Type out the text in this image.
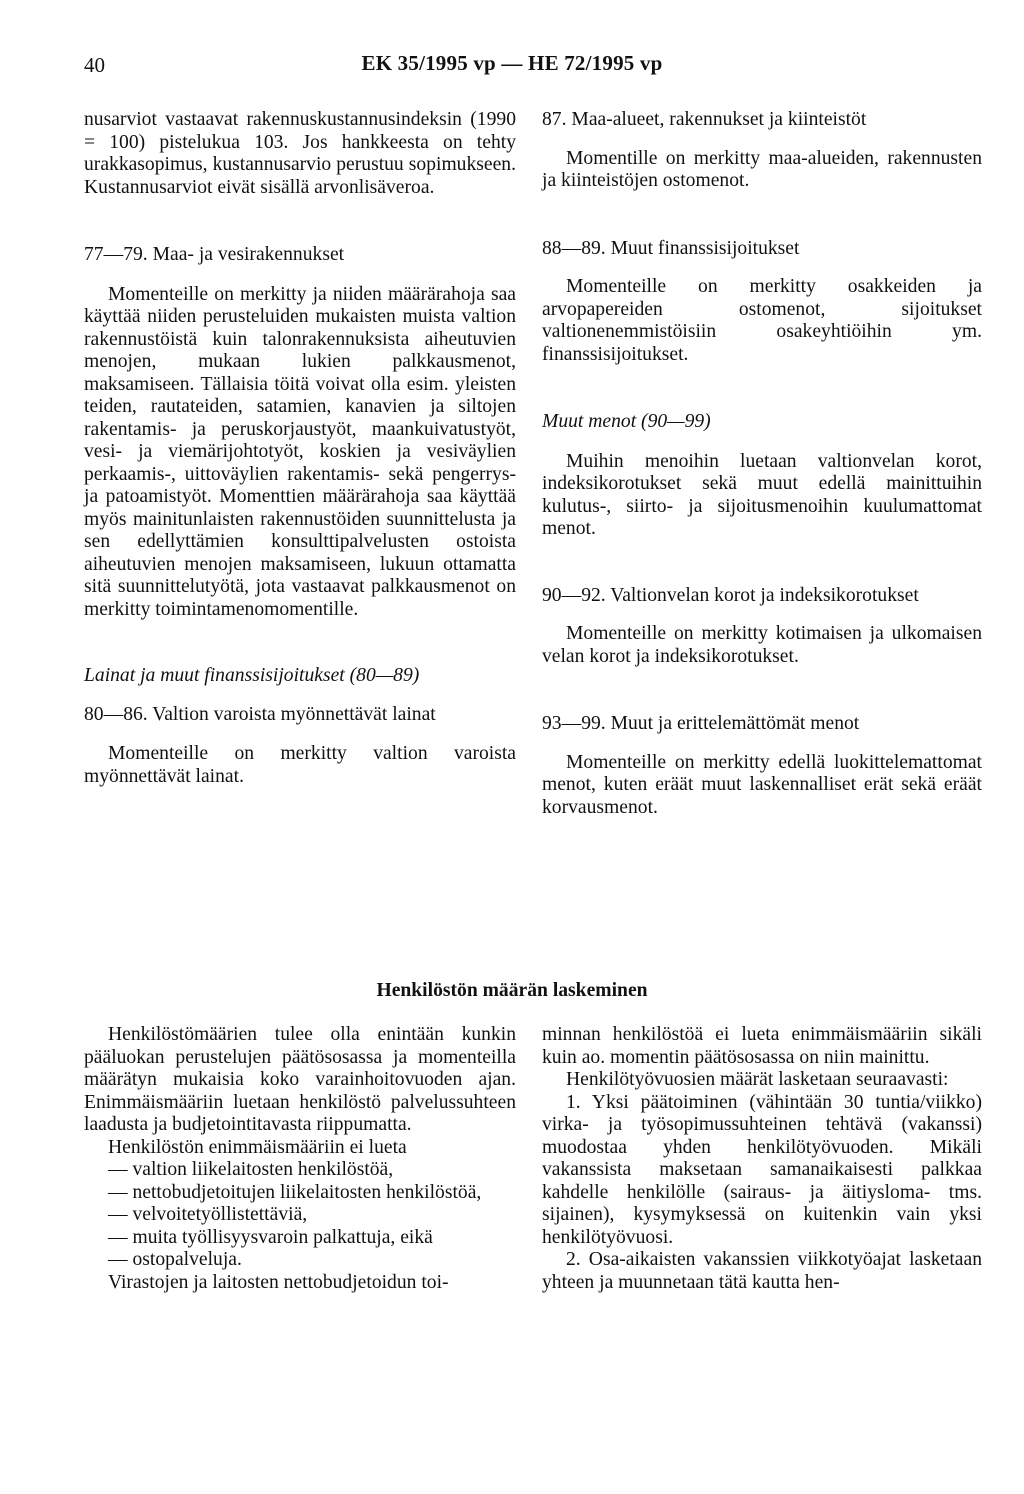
40	EK 35/1995 vp — HE 72/1995 vp

nusarviot vastaavat rakennuskustannusindeksin (1990 = 100) pistelukua 103. Jos hankkeesta on tehty urakkasopimus, kustannusarvio perustuu sopimukseen. Kustannusarviot eivät sisällä arvonlisäveroa.

77—79. Maa- ja vesirakennukset

Momenteille on merkitty ja niiden määrärahoja saa käyttää niiden perusteluiden mukaisten muista valtion rakennustöistä kuin talonrakennuksista aiheutuvien menojen, mukaan lukien palkkausmenot, maksamiseen. Tällaisia töitä voivat olla esim. yleisten teiden, rautateiden, satamien, kanavien ja siltojen rakentamis- ja peruskorjaustyöt, maankuivatustyöt, vesi- ja viemärijohtotyöt, koskien ja vesiväylien perkaamis-, uittoväylien rakentamis- sekä pengerrys- ja patoamistyöt. Momenttien määrärahoja saa käyttää myös mainitunlaisten rakennustöiden suunnittelusta ja sen edellyttämien konsulttipalvelusten ostoista aiheutuvien menojen maksamiseen, lukuun ottamatta sitä suunnittelutyötä, jota vastaavat palkkausmenot on merkitty toimintamenomomentille.

Lainat ja muut finanssisijoitukset (80—89)

80—86. Valtion varoista myönnettävät lainat

Momenteille on merkitty valtion varoista myönnettävät lainat.

87. Maa-alueet, rakennukset ja kiinteistöt

Momentille on merkitty maa-alueiden, rakennusten ja kiinteistöjen ostomenot.

88—89. Muut finanssisijoitukset

Momenteille on merkitty osakkeiden ja arvopapereiden ostomenot, sijoitukset valtionenemmistöisiin osakeyhtiöihin ym. finanssisijoitukset.

Muut menot (90—99)

Muihin menoihin luetaan valtionvelan korot, indeksikorotukset sekä muut edellä mainittuihin kulutus-, siirto- ja sijoitusmenoihin kuulumattomat menot.

90—92. Valtionvelan korot ja indeksikorotukset

Momenteille on merkitty kotimaisen ja ulkomaisen velan korot ja indeksikorotukset.

93—99. Muut ja erittelemättömät menot

Momenteille on merkitty edellä luokittelemattomat menot, kuten eräät muut laskennalliset erät sekä eräät korvausmenot.

Henkilöstön määrän laskeminen

Henkilöstömäärien tulee olla enintään kunkin pääluokan perustelujen päätösosassa ja momenteilla määrätyn mukaisia koko varainhoitovuoden ajan. Enimmäismääriin luetaan henkilöstö palvelussuhteen laadusta ja budjetointitavasta riippumatta.

Henkilöstön enimmäismääriin ei lueta

— valtion liikelaitosten henkilöstöä,

— nettobudjetoitujen liikelaitosten henkilöstöä,

— velvoitetyöllistettäviä,

— muita työllisyysvaroin palkattuja, eikä

— ostopalveluja.

Virastojen ja laitosten nettobudjetoidun toi-

minnan henkilöstöä ei lueta enimmäismääriin sikäli kuin ao. momentin päätösosassa on niin mainittu.

Henkilötyövuosien määrät lasketaan seuraavasti:

1. Yksi päätoiminen (vähintään 30 tuntia/viikko) virka- ja työsopimussuhteinen tehtävä (vakanssi) muodostaa yhden henkilötyövuoden. Mikäli vakanssista maksetaan samanaikaisesti palkkaa kahdelle henkilölle (sairaus- ja äitiysloma- tms. sijainen), kysymyksessä on kuitenkin vain yksi henkilötyövuosi.

2. Osa-aikaisten vakanssien viikkotyöajat lasketaan yhteen ja muunnetaan tätä kautta hen-
